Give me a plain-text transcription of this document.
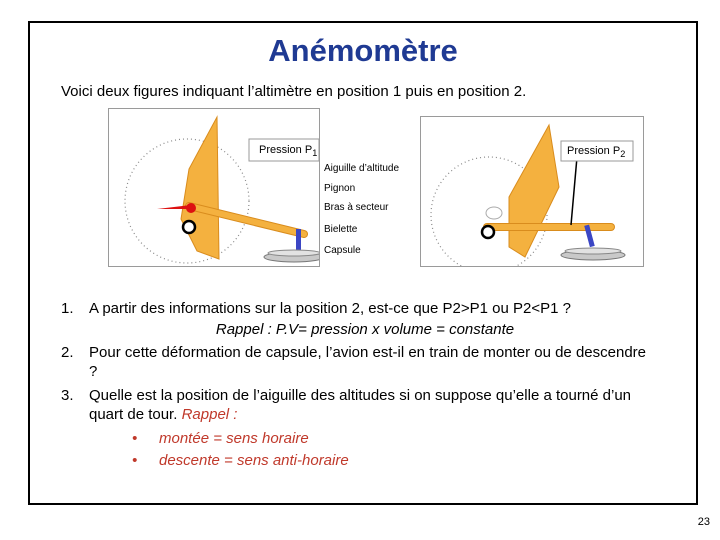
Anémomètre
Voici deux figures indiquant l’altimètre en position 1 puis en position 2.
Pression $P_1$
Aiguille d’altitude
Pignon
Bras à secteur
Bielette
Capsule
Pression $P_2$
1. A partir des informations sur la position 2, est-ce que P2>P1 ou P2<P1 ?
Rappel : P.V= pression x volume = constante
2. Pour cette déformation de capsule, l’avion est-il en train de monter ou de descendre ?
3. Quelle est la position de l’aiguille des altitudes si on suppose qu’elle a tourné d’un quart de tour. Rappel :
• montée = sens horaire
• descente = sens anti-horaire
23
